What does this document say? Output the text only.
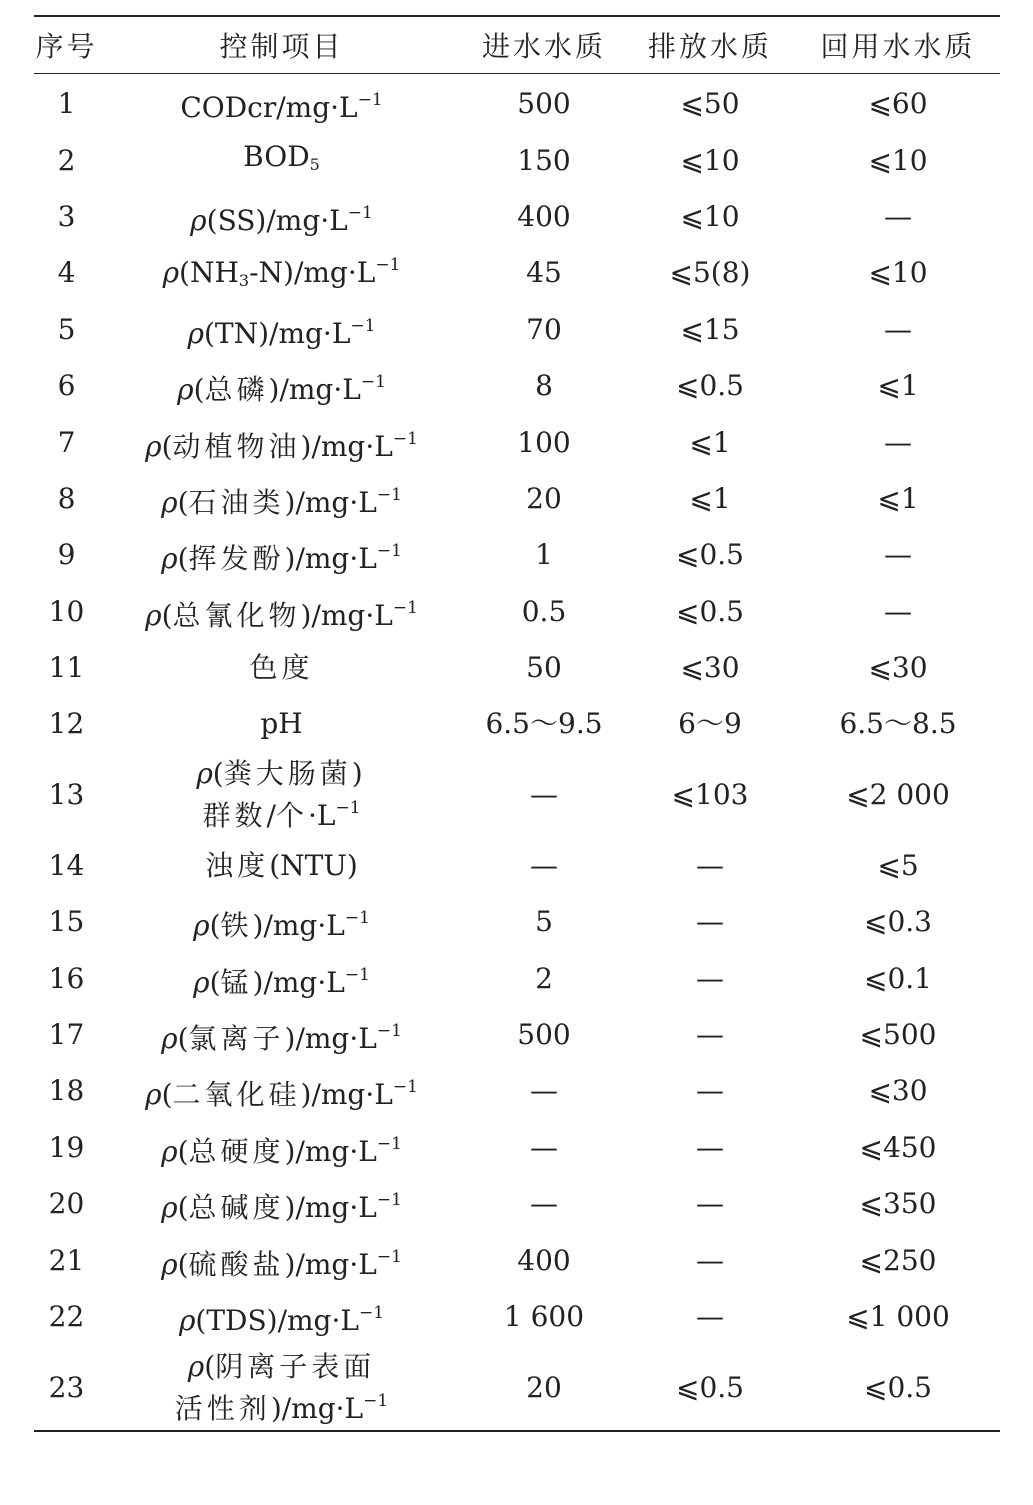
序号	控制项目	进水水质	排放水质	回用水水质
1	CODcr/$mg\cdot L^{-1}$	500	⩽50	⩽60
2	$BOD_5$	150	⩽10	⩽10
3	$\rho(SS)/mg\cdot L^{-1}$	400	⩽10	—
4	$\rho(NH_3-N)/mg\cdot L^{-1}$	45	⩽5(8)	⩽10
5	$\rho(TN)/mg\cdot L^{-1}$	70	⩽15	—
6	ρ(总磷)$/mg\cdot L^{-1}$	8	⩽0.5	⩽1
7	ρ(动植物油)$/mg\cdot L^{-1}$	100	⩽1	—
8	ρ(石油类)$/mg\cdot L^{-1}$	20	⩽1	⩽1
9	ρ(挥发酚)$/mg\cdot L^{-1}$	1	⩽0.5	—
10	ρ(总氰化物)$/mg\cdot L^{-1}$	0.5	⩽0.5	—
11	色度	50	⩽30	⩽30
12	pH	6.5～9.5	6～9	6.5～8.5
13	ρ(粪大肠菌)
群数/个$\cdot L^{-1}$	—	⩽103	⩽2 000
14	浊度(NTU)	—	—	⩽5
15	ρ(铁)$/mg\cdot L^{-1}$	5	—	⩽0.3
16	ρ(锰)$/mg\cdot L^{-1}$	2	—	⩽0.1
17	ρ(氯离子)$/mg\cdot L^{-1}$	500	—	⩽500
18	ρ(二氧化硅)$/mg\cdot L^{-1}$	—	—	⩽30
19	ρ(总硬度)$/mg\cdot L^{-1}$	—	—	⩽450
20	ρ(总碱度)$/mg\cdot L^{-1}$	—	—	⩽350
21	ρ(硫酸盐)$/mg\cdot L^{-1}$	400	—	⩽250
22	$\rho(TDS)/mg\cdot L^{-1}$	1 600	—	⩽1 000
23	ρ(阴离子表面
活性剂)$/mg\cdot L^{-1}$	20	⩽0.5	⩽0.5
